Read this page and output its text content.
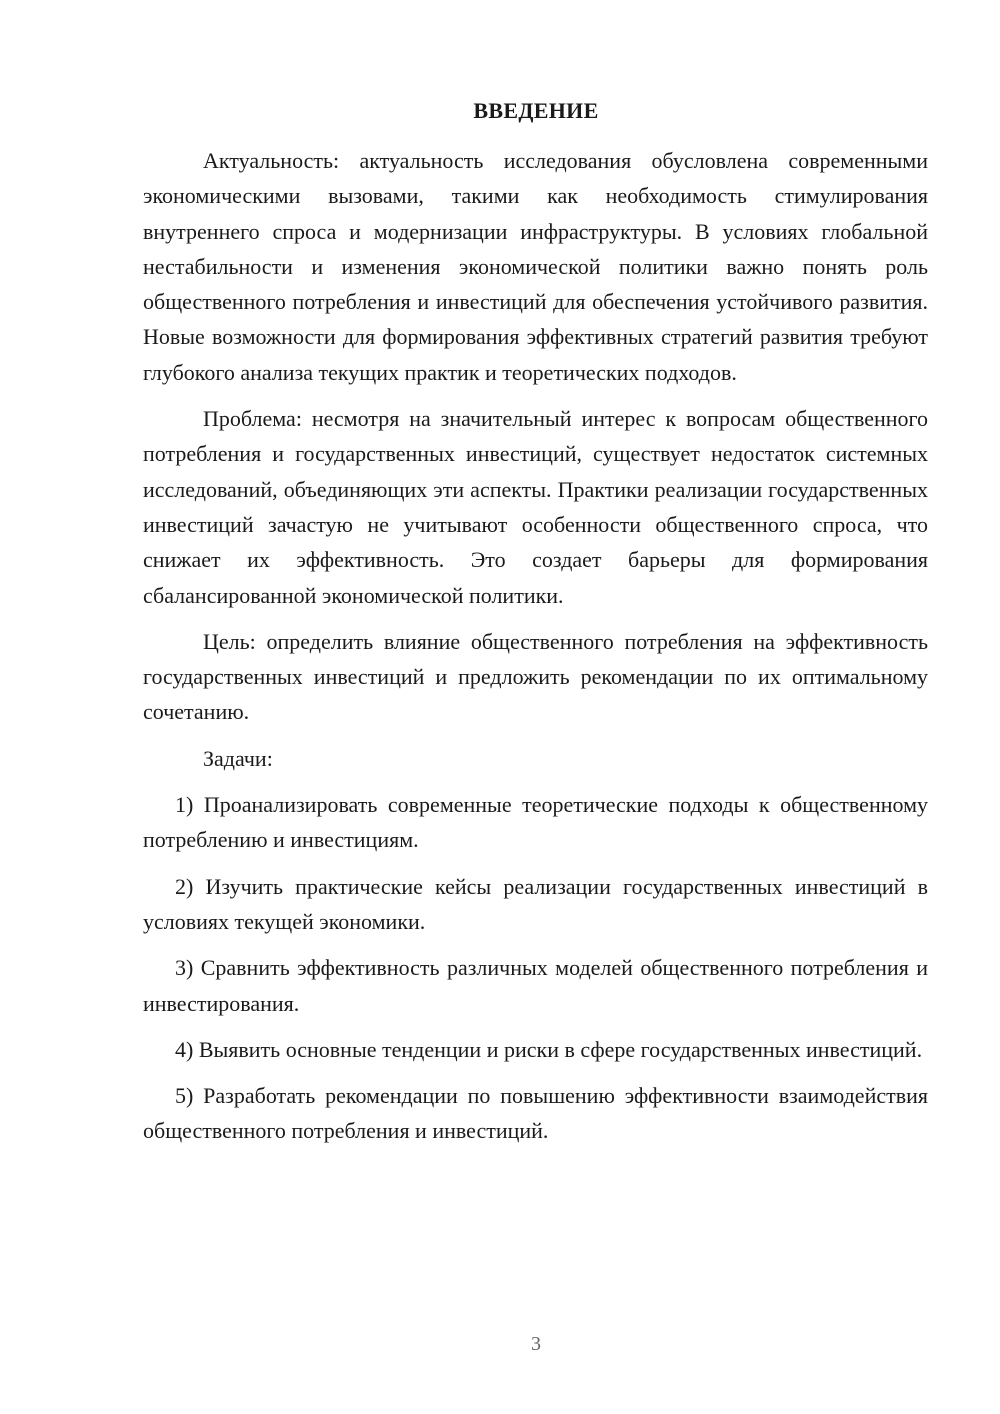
ВВЕДЕНИЕ

Актуальность: актуальность исследования обусловлена современными экономическими вызовами, такими как необходимость стимулирования внутреннего спроса и модернизации инфраструктуры. В условиях глобальной нестабильности и изменения экономической политики важно понять роль общественного потребления и инвестиций для обеспечения устойчивого развития. Новые возможности для формирования эффективных стратегий развития требуют глубокого анализа текущих практик и теоретических подходов.

Проблема: несмотря на значительный интерес к вопросам общественного потребления и государственных инвестиций, существует недостаток системных исследований, объединяющих эти аспекты. Практики реализации государственных инвестиций зачастую не учитывают особенности общественного спроса, что снижает их эффективность. Это создает барьеры для формирования сбалансированной экономической политики.

Цель: определить влияние общественного потребления на эффективность государственных инвестиций и предложить рекомендации по их оптимальному сочетанию.

Задачи:

1) Проанализировать современные теоретические подходы к общественному потреблению и инвестициям.

2) Изучить практические кейсы реализации государственных инвестиций в условиях текущей экономики.

3) Сравнить эффективность различных моделей общественного потребления и инвестирования.

4) Выявить основные тенденции и риски в сфере государственных инвестиций.

5) Разработать рекомендации по повышению эффективности взаимодействия общественного потребления и инвестиций.

3
